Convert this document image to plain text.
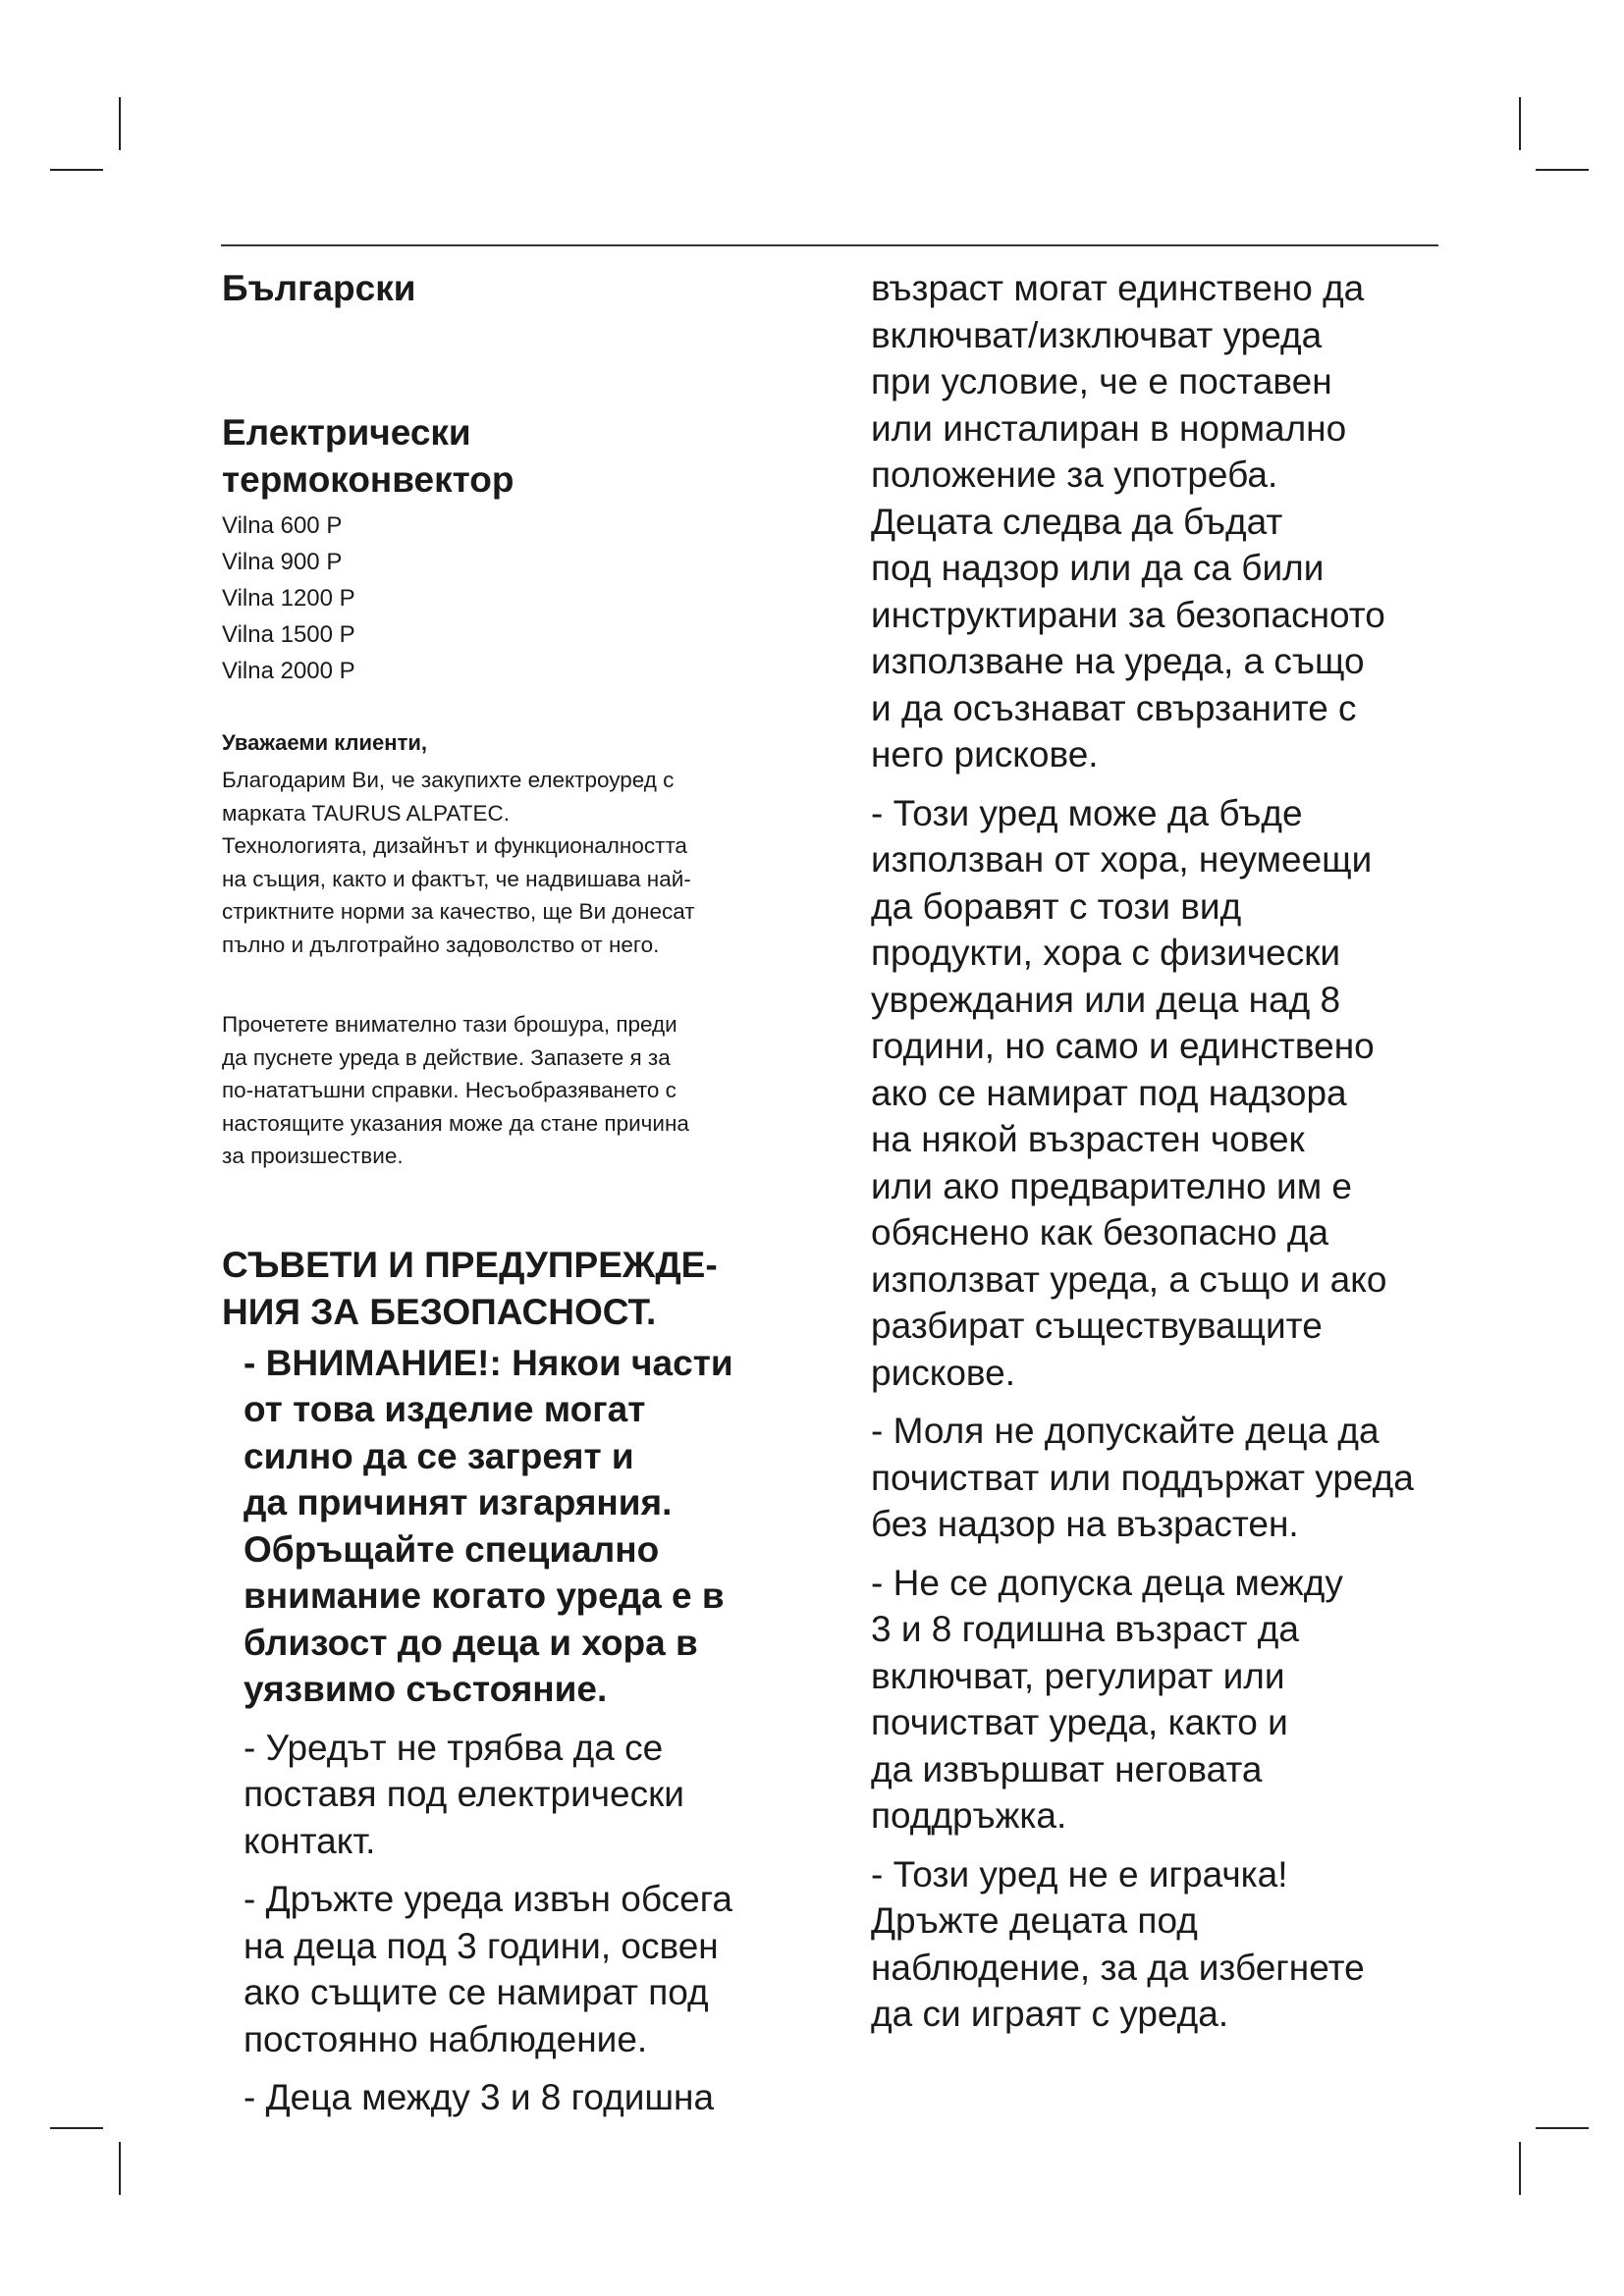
Български
Електрически
термоконвектор
Vilna 600 P
Vilna 900 P
Vilna 1200 P
Vilna 1500 P
Vilna 2000 P
Уважаеми клиенти,
Благодарим Ви, че закупихте електроуред с
марката TAURUS ALPATEC.
Технологията, дизайнът и функционалността
на същия, както и фактът, че надвишава най-
стриктните норми за качество, ще Ви донесат
пълно и дълготрайно задоволство от него.
Прочетете внимателно тази брошура, преди
да пуснете уреда в действие. Запазете я за
по-нататъшни справки. Несъобразяването с
настоящите указания може да стане причина
за произшествие.
СЪВЕТИ И ПРЕДУПРЕЖДЕ-
НИЯ ЗА БЕЗОПАСНОСТ.
- ВНИМАНИЕ!: Някои части
от това изделие могат
силно да се загреят и
да причинят изгаряния.
Обръщайте специално
внимание когато уреда е в
близост до деца и хора в
уязвимо състояние.
- Уредът не трябва да се
поставя под електрически
контакт.
- Дръжте уреда извън обсега
на деца под 3 години, освен
ако същите се намират под
постоянно наблюдение.
- Деца между 3 и 8 годишна
възраст могат единствено да
включват/изключват уреда
при условие, че е поставен
или инсталиран в нормално
положение за употреба.
Децата следва да бъдат
под надзор или да са били
инструктирани за безопасното
използване на уреда, а също
и да осъзнават свързаните с
него рискове.
- Този уред може да бъде
използван от хора, неумеещи
да боравят с този вид
продукти, хора с физически
увреждания или деца над 8
години, но само и единствено
ако се намират под надзора
на някой възрастен човек
или ако предварително им е
обяснено как безопасно да
използват уреда, а също и ако
разбират съществуващите
рискове.
- Моля не допускайте деца да
почистват или поддържат уреда
без надзор на възрастен.
- Не се допуска деца между
3 и 8 годишна възраст да
включват, регулират или
почистват уреда, както и
да извършват неговата
поддръжка.
- Този уред не е играчка!
Дръжте децата под
наблюдение, за да избегнете
да си играят с уреда.
